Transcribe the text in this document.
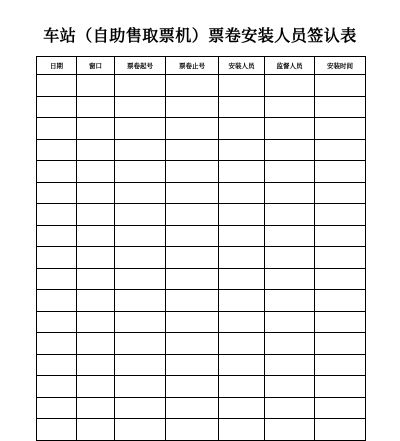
车站（自助售取票机）票卷安装人员签认表
日期	窗口	票卷起号	票卷止号	安装人员	监督人员	安装时间
